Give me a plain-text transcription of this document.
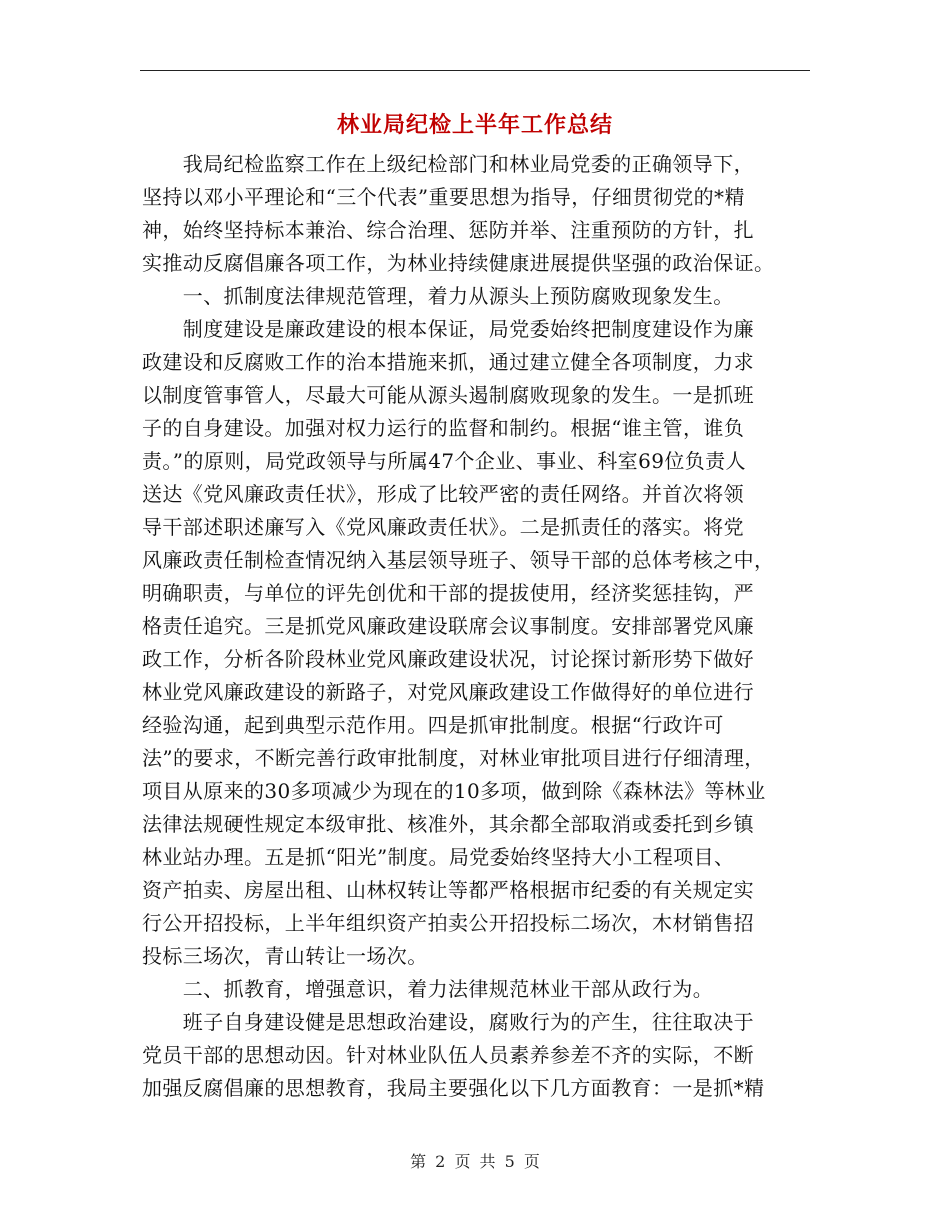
林业局纪检上半年工作总结
　　我局纪检监察工作在上级纪检部门和林业局党委的正确领导下，
坚持以邓小平理论和“三个代表”重要思想为指导，仔细贯彻党的*精
神，始终坚持标本兼治、综合治理、惩防并举、注重预防的方针，扎
实推动反腐倡廉各项工作，为林业持续健康进展提供坚强的政治保证。
　　一、抓制度法律规范管理，着力从源头上预防腐败现象发生。
　　制度建设是廉政建设的根本保证，局党委始终把制度建设作为廉
政建设和反腐败工作的治本措施来抓，通过建立健全各项制度，力求
以制度管事管人，尽最大可能从源头遏制腐败现象的发生。一是抓班
子的自身建设。加强对权力运行的监督和制约。根据“谁主管，谁负
责。”的原则，局党政领导与所属47个企业、事业、科室69位负责人
送达《党风廉政责任状》，形成了比较严密的责任网络。并首次将领
导干部述职述廉写入《党风廉政责任状》。二是抓责任的落实。将党
风廉政责任制检查情况纳入基层领导班子、领导干部的总体考核之中，
明确职责，与单位的评先创优和干部的提拔使用，经济奖惩挂钩，严
格责任追究。三是抓党风廉政建设联席会议事制度。安排部署党风廉
政工作，分析各阶段林业党风廉政建设状况，讨论探讨新形势下做好
林业党风廉政建设的新路子，对党风廉政建设工作做得好的单位进行
经验沟通，起到典型示范作用。四是抓审批制度。根据“行政许可
法”的要求，不断完善行政审批制度，对林业审批项目进行仔细清理，
项目从原来的30多项减少为现在的10多项，做到除《森林法》等林业
法律法规硬性规定本级审批、核准外，其余都全部取消或委托到乡镇
林业站办理。五是抓“阳光”制度。局党委始终坚持大小工程项目、
资产拍卖、房屋出租、山林权转让等都严格根据市纪委的有关规定实
行公开招投标，上半年组织资产拍卖公开招投标二场次，木材销售招
投标三场次，青山转让一场次。
　　二、抓教育，增强意识，着力法律规范林业干部从政行为。
　　班子自身建设健是思想政治建设，腐败行为的产生，往往取决于
党员干部的思想动因。针对林业队伍人员素养参差不齐的实际，不断
加强反腐倡廉的思想教育，我局主要强化以下几方面教育：一是抓*精
第 2 页 共 5 页
